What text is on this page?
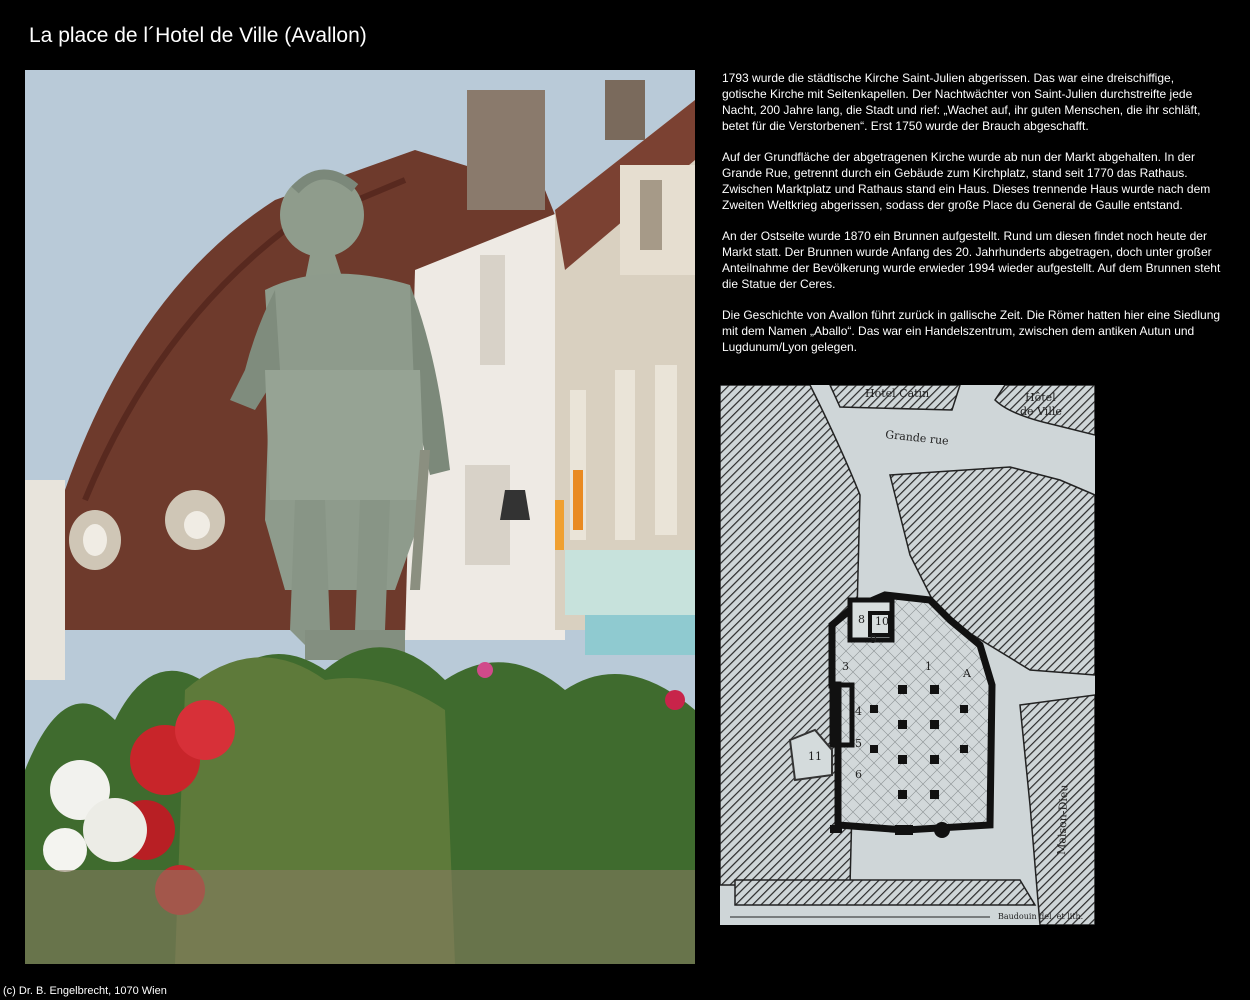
La place de l´Hotel de Ville (Avallon)

1793 wurde die städtische Kirche Saint-Julien abgerissen. Das war eine dreischiffige, gotische Kirche mit Seitenkapellen. Der Nachtwächter von Saint-Julien durchstreifte jede Nacht, 200 Jahre lang, die Stadt und rief: „Wachet auf, ihr guten Menschen, die ihr schläft, betet für die Verstorbenen“. Erst 1750 wurde der Brauch abgeschafft.

Auf der Grundfläche der abgetragenen Kirche wurde ab nun der Markt abgehalten. In der Grande Rue, getrennt durch ein Gebäude zum Kirchplatz, stand seit 1770 das Rathaus. Zwischen Marktplatz und Rathaus stand ein Haus. Dieses trennende Haus wurde nach dem Zweiten Weltkrieg abgerissen, sodass der große Place du General de Gaulle entstand.

An der Ostseite wurde 1870 ein Brunnen aufgestellt. Rund um diesen findet noch heute der Markt statt. Der Brunnen wurde Anfang des 20. Jahrhunderts abgetragen, doch unter großer Anteilnahme der Bevölkerung wurde erwieder 1994 wieder aufgestellt. Auf dem Brunnen steht die Statue der Ceres.

Die Geschichte von Avallon führt zurück in gallische Zeit. Die Römer hatten hier eine Siedlung mit dem Namen „Aballo“. Das war ein Handelszentrum, zwischen dem antiken Autun und Lugdunum/Lyon gelegen.

Hotel Catin	Hôtel
de Ville
Grande rue
Maison-Dieu
Baudouin del. et lith.
8 10
9
3	1
A
4
5
6
11
(c) Dr. B. Engelbrecht, 1070 Wien
